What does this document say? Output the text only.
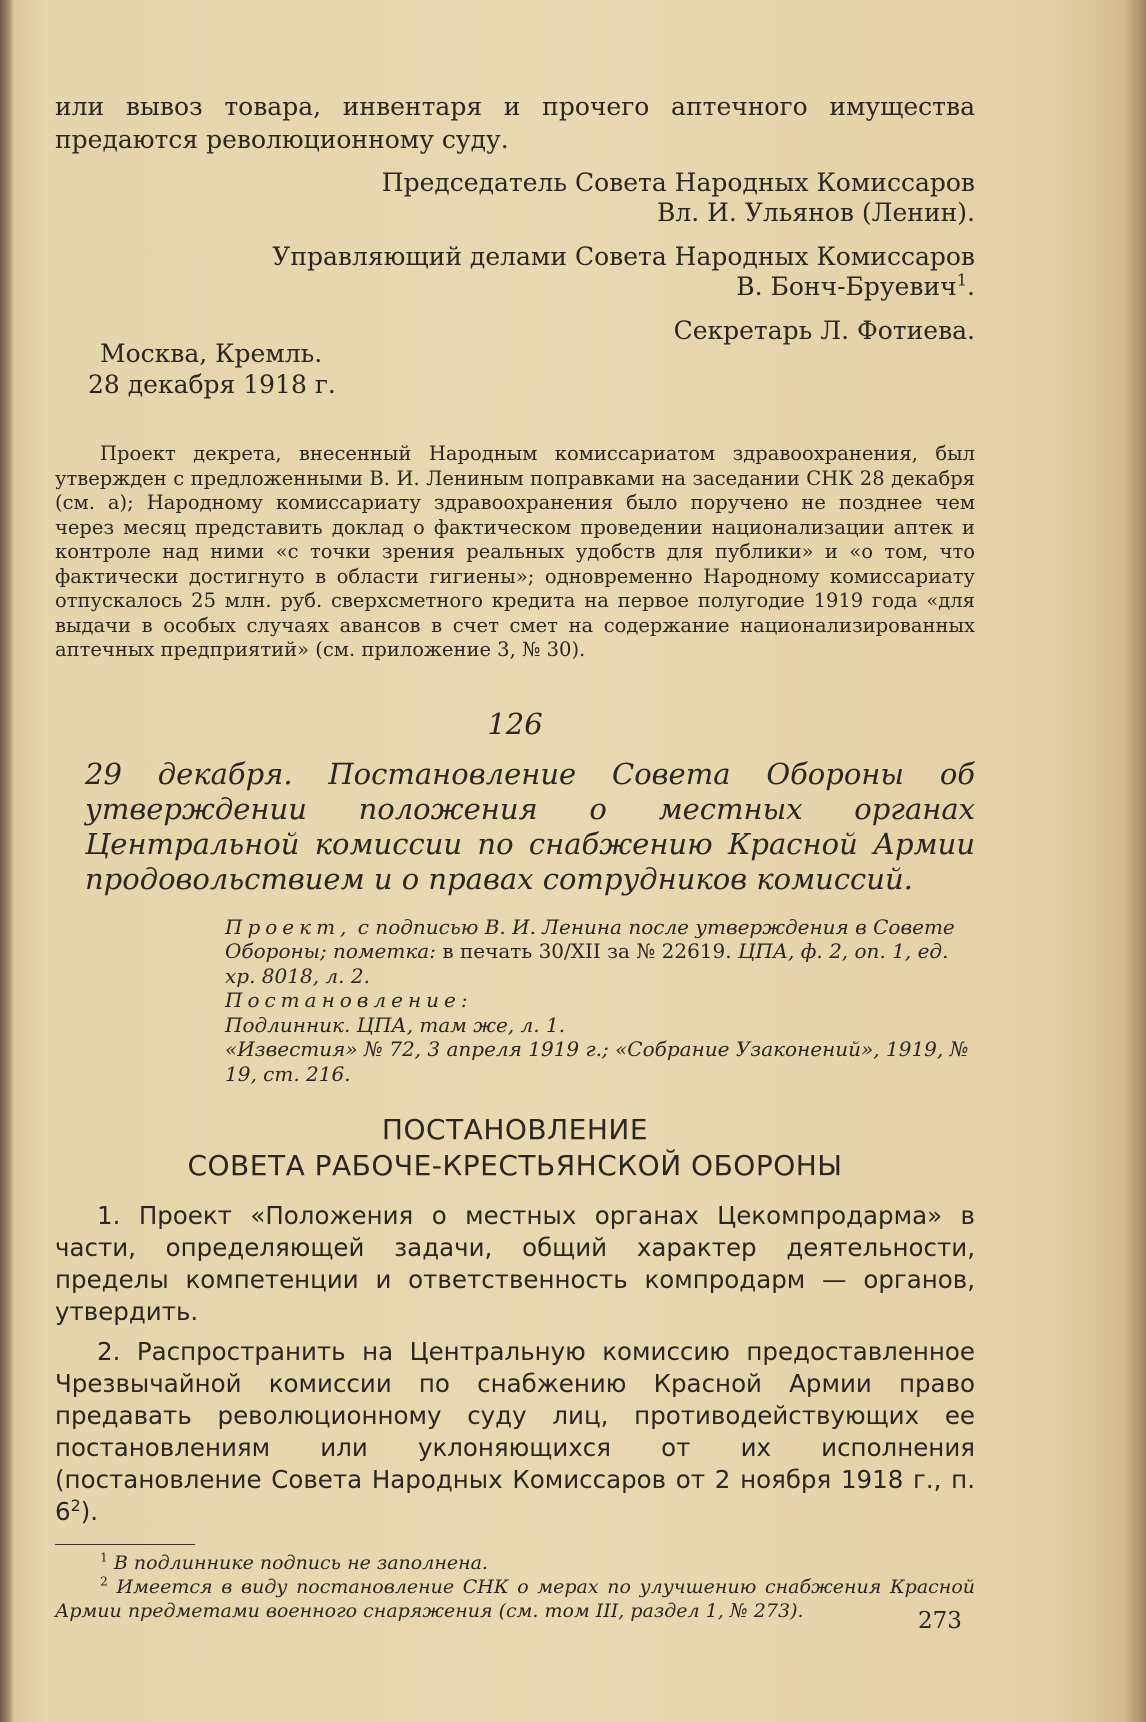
или вывоз товара, инвентаря и прочего аптечного имущества предаются революционному суду.

Председатель Совета Народных Комиссаров

Вл. И. Ульянов (Ленин).

Управляющий делами Совета Народных Комиссаров

В. Бонч-Бруевич$^1$.

Секретарь Л. Фотиева.

Москва, Кремль.

28 декабря 1918 г.

Проект декрета, внесенный Народным комиссариатом здравоохранения, был утвержден с предложенными В. И. Лениным поправками на заседании СНК 28 декабря (см. а); Народному комиссариату здравоохранения было поручено не позднее чем через месяц представить доклад о фактическом проведении национализации аптек и контроле над ними «с точки зрения реальных удобств для публики» и «о том, что фактически достигнуто в области гигиены»; одновременно Народному комиссариату отпускалось 25 млн. руб. сверхсметного кредита на первое полугодие 1919 года «для выдачи в особых случаях авансов в счет смет на содержание национализированных аптечных предприятий» (см. приложение 3, № 30).

126

29 декабря. Постановление Совета Обороны об утверждении положения о местных органах Центральной комиссии по снабжению Красной Армии продовольствием и о правах сотрудников комиссий.

Проект, с подписью В. И. Ленина после утверждения в Совете Обороны; пометка: в печать 30/XII за № 22619. ЦПА, ф. 2, оп. 1, ед. хр. 8018, л. 2.

Постановление:

Подлинник. ЦПА, там же, л. 1.

«Известия» № 72, 3 апреля 1919 г.; «Собрание Узаконений», 1919, № 19, ст. 216.

ПОСТАНОВЛЕНИЕ

СОВЕТА РАБОЧЕ-КРЕСТЬЯНСКОЙ ОБОРОНЫ

1. Проект «Положения о местных органах Цекомпродарма» в части, определяющей задачи, общий характер деятельности, пределы компетенции и ответственность компродарм — органов, утвердить.

2. Распространить на Центральную комиссию предоставленное Чрезвычайной комиссии по снабжению Красной Армии право предавать революционному суду лиц, противодействующих ее постановлениям или уклоняющихся от их исполнения (постановление Совета Народных Комиссаров от 2 ноября 1918 г., п. $6^2$).

$^1$ В подлиннике подпись не заполнена.

$^2$ Имеется в виду постановление СНК о мерах по улучшению снабжения Красной Армии предметами военного снаряжения (см. том III, раздел 1, № 273).	273
